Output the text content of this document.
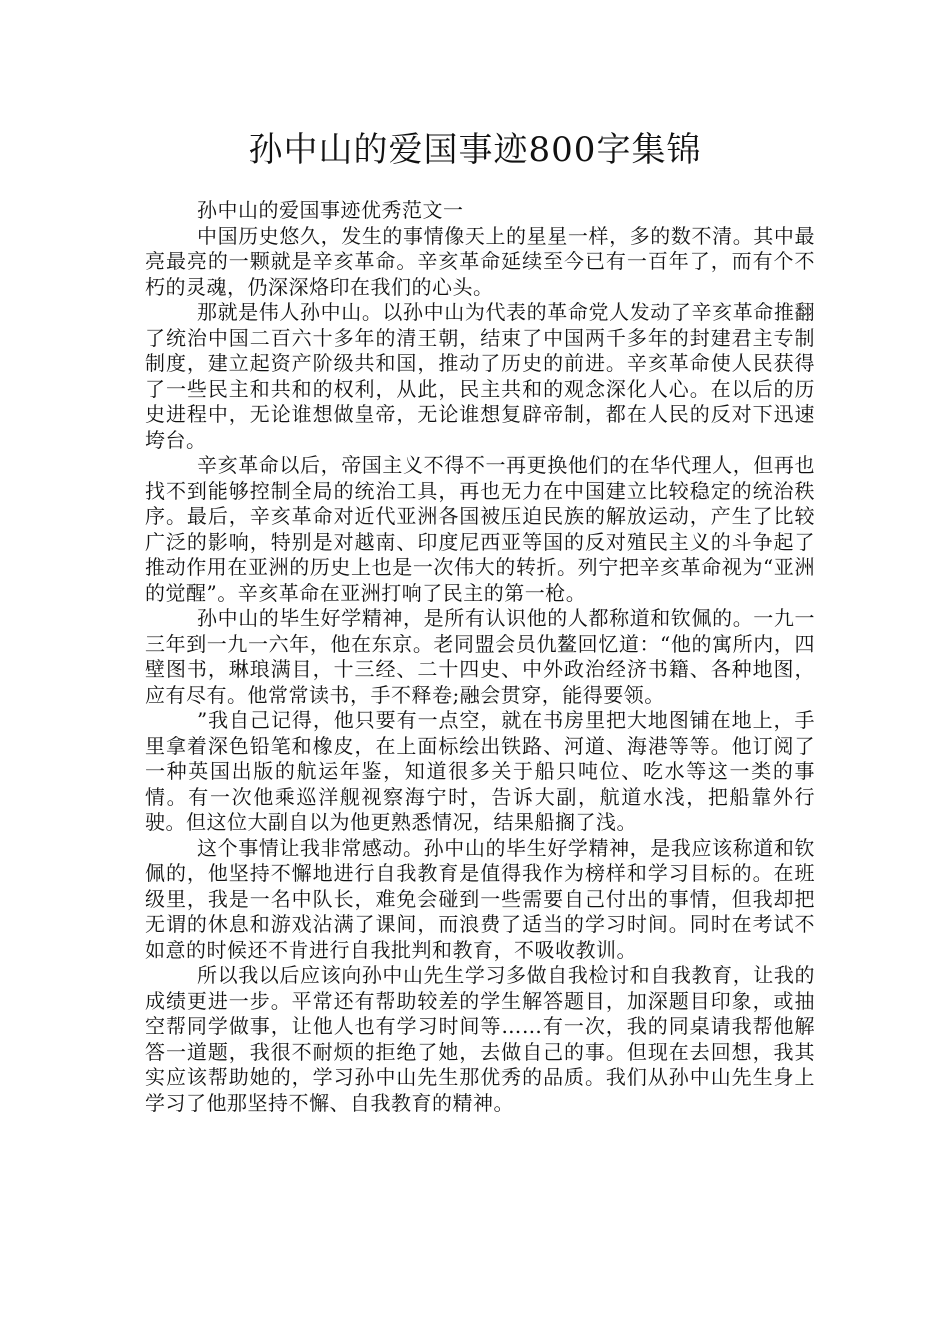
孙中山的爱国事迹800字集锦

孙中山的爱国事迹优秀范文一

中国历史悠久，发生的事情像天上的星星一样，多的数不清。其中最亮最亮的一颗就是辛亥革命。辛亥革命延续至今已有一百年了，而有个不朽的灵魂，仍深深烙印在我们的心头。

那就是伟人孙中山。以孙中山为代表的革命党人发动了辛亥革命推翻了统治中国二百六十多年的清王朝，结束了中国两千多年的封建君主专制制度，建立起资产阶级共和国，推动了历史的前进。辛亥革命使人民获得了一些民主和共和的权利，从此，民主共和的观念深化人心。在以后的历史进程中，无论谁想做皇帝，无论谁想复辟帝制，都在人民的反对下迅速垮台。

辛亥革命以后，帝国主义不得不一再更换他们的在华代理人，但再也找不到能够控制全局的统治工具，再也无力在中国建立比较稳定的统治秩序。最后，辛亥革命对近代亚洲各国被压迫民族的解放运动，产生了比较广泛的影响，特别是对越南、印度尼西亚等国的反对殖民主义的斗争起了推动作用在亚洲的历史上也是一次伟大的转折。列宁把辛亥革命视为“亚洲的觉醒”。辛亥革命在亚洲打响了民主的第一枪。

孙中山的毕生好学精神，是所有认识他的人都称道和钦佩的。一九一三年到一九一六年，他在东京。老同盟会员仇鳌回忆道：“他的寓所内，四壁图书，琳琅满目，十三经、二十四史、中外政治经济书籍、各种地图，应有尽有。他常常读书，手不释卷;融会贯穿，能得要领。

”我自己记得，他只要有一点空，就在书房里把大地图铺在地上，手里拿着深色铅笔和橡皮，在上面标绘出铁路、河道、海港等等。他订阅了一种英国出版的航运年鉴，知道很多关于船只吨位、吃水等这一类的事情。有一次他乘巡洋舰视察海宁时，告诉大副，航道水浅，把船靠外行驶。但这位大副自以为他更熟悉情况，结果船搁了浅。

这个事情让我非常感动。孙中山的毕生好学精神，是我应该称道和钦佩的，他坚持不懈地进行自我教育是值得我作为榜样和学习目标的。在班级里，我是一名中队长，难免会碰到一些需要自己付出的事情，但我却把无谓的休息和游戏沾满了课间，而浪费了适当的学习时间。同时在考试不如意的时候还不肯进行自我批判和教育，不吸收教训。

所以我以后应该向孙中山先生学习多做自我检讨和自我教育，让我的成绩更进一步。平常还有帮助较差的学生解答题目，加深题目印象，或抽空帮同学做事，让他人也有学习时间等……有一次，我的同桌请我帮他解答一道题，我很不耐烦的拒绝了她，去做自己的事。但现在去回想，我其实应该帮助她的，学习孙中山先生那优秀的品质。我们从孙中山先生身上学习了他那坚持不懈、自我教育的精神。
